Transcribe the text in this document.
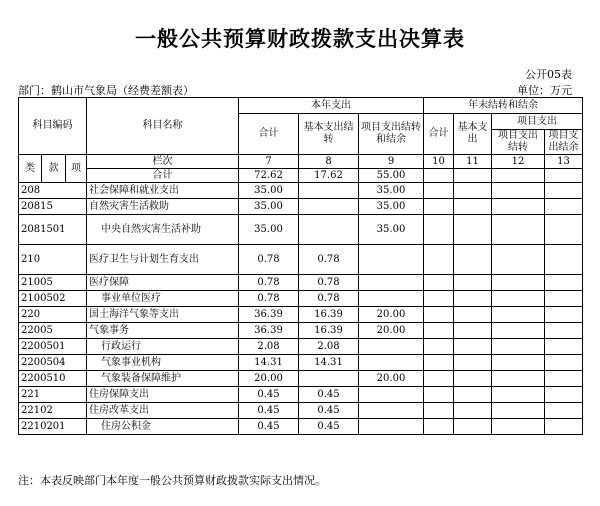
一般公共预算财政拨款支出决算表
公开05表
部门：鹤山市气象局（经费差额表）	单位：万元
科目编码			科目名称	本年支出			年末结转和结余			
				合计	基本支出结转	项目支出结转和结余	合计	基本支出	项目支出	
									项目支出结转	项目支出结余

类	款	项	栏次	7	8	9	10	11	12	13
			合计	72.62	17.62	55.00				
208			社会保障和就业支出	35.00		35.00				
20815			自然灾害生活救助	35.00		35.00				
2081501			中央自然灾害生活补助	35.00		35.00				
210			医疗卫生与计划生育支出	0.78	0.78					
21005			医疗保障	0.78	0.78					
2100502			事业单位医疗	0.78	0.78					
220			国土海洋气象等支出	36.39	16.39	20.00				
22005			气象事务	36.39	16.39	20.00				
2200501			行政运行	2.08	2.08					
2200504			气象事业机构	14.31	14.31					
2200510			气象装备保障维护	20.00		20.00				
221			住房保障支出	0.45	0.45					
22102			住房改革支出	0.45	0.45					
2210201			住房公积金	0.45	0.45					
注：本表反映部门本年度一般公共预算财政拨款实际支出情况。
